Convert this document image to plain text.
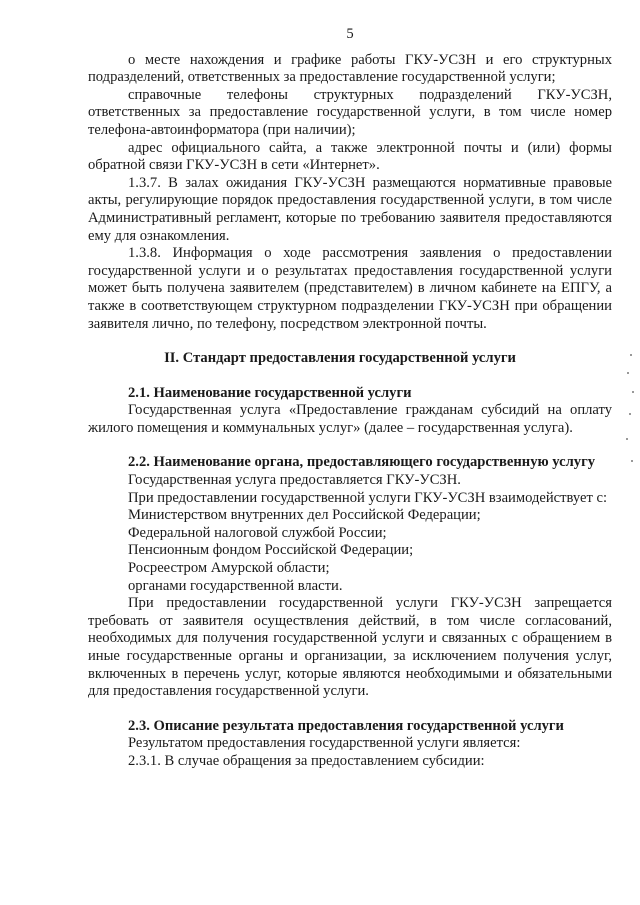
5

о месте нахождения и графике работы ГКУ-УСЗН и его структурных подразделений, ответственных за предоставление государственной услуги;

справочные телефоны структурных подразделений ГКУ-УСЗН, ответственных за предоставление государственной услуги, в том числе номер телефона-автоинформатора (при наличии);

адрес официального сайта, а также электронной почты и (или) формы обратной связи ГКУ-УСЗН в сети «Интернет».

1.3.7. В залах ожидания ГКУ-УСЗН размещаются нормативные правовые акты, регулирующие порядок предоставления государственной услуги, в том числе Административный регламент, которые по требованию заявителя предоставляются ему для ознакомления.

1.3.8. Информация о ходе рассмотрения заявления о предоставлении государственной услуги и о результатах предоставления государственной услуги может быть получена заявителем (представителем) в личном кабинете на ЕПГУ, а также в соответствующем структурном подразделении ГКУ-УСЗН при обращении заявителя лично, по телефону, посредством электронной почты.

II. Стандарт предоставления государственной услуги

2.1. Наименование государственной услуги

Государственная услуга «Предоставление гражданам субсидий на оплату жилого помещения и коммунальных услуг» (далее – государственная услуга).

2.2. Наименование органа, предоставляющего государственную услугу

Государственная услуга предоставляется ГКУ-УСЗН.

При предоставлении государственной услуги ГКУ-УСЗН взаимодействует с:

Министерством внутренних дел Российской Федерации;

Федеральной налоговой службой России;

Пенсионным фондом Российской Федерации;

Росреестром Амурской области;

органами государственной власти.

При предоставлении государственной услуги ГКУ-УСЗН запрещается требовать от заявителя осуществления действий, в том числе согласований, необходимых для получения государственной услуги и связанных с обращением в иные государственные органы и организации, за исключением получения услуг, включенных в перечень услуг, которые являются необходимыми и обязательными для предоставления государственной услуги.

2.3. Описание результата предоставления государственной услуги

Результатом предоставления государственной услуги является:

2.3.1. В случае обращения за предоставлением субсидии:
